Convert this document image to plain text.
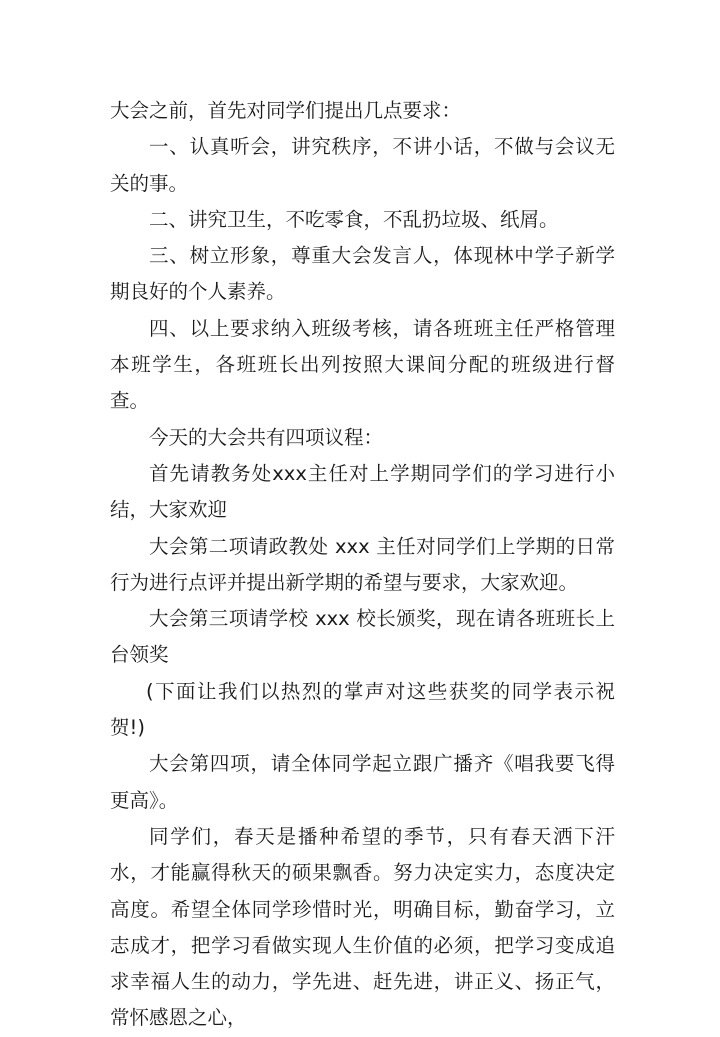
大会之前，首先对同学们提出几点要求：

一、认真听会，讲究秩序，不讲小话，不做与会议无关的事。

二、讲究卫生，不吃零食，不乱扔垃圾、纸屑。

三、树立形象，尊重大会发言人，体现林中学子新学期良好的个人素养。

四、以上要求纳入班级考核，请各班班主任严格管理本班学生，各班班长出列按照大课间分配的班级进行督查。

今天的大会共有四项议程：

首先请教务处xxx主任对上学期同学们的学习进行小结，大家欢迎

大会第二项请政教处 xxx 主任对同学们上学期的日常行为进行点评并提出新学期的希望与要求，大家欢迎。

大会第三项请学校 xxx 校长颁奖，现在请各班班长上台领奖

(下面让我们以热烈的掌声对这些获奖的同学表示祝贺!)

大会第四项，请全体同学起立跟广播齐《唱我要飞得更高》。

同学们，春天是播种希望的季节，只有春天洒下汗水，才能赢得秋天的硕果飘香。努力决定实力，态度决定高度。希望全体同学珍惜时光，明确目标，勤奋学习，立志成才，把学习看做实现人生价值的必须，把学习变成追求幸福人生的动力，学先进、赶先进，讲正义、扬正气，常怀感恩之心，
